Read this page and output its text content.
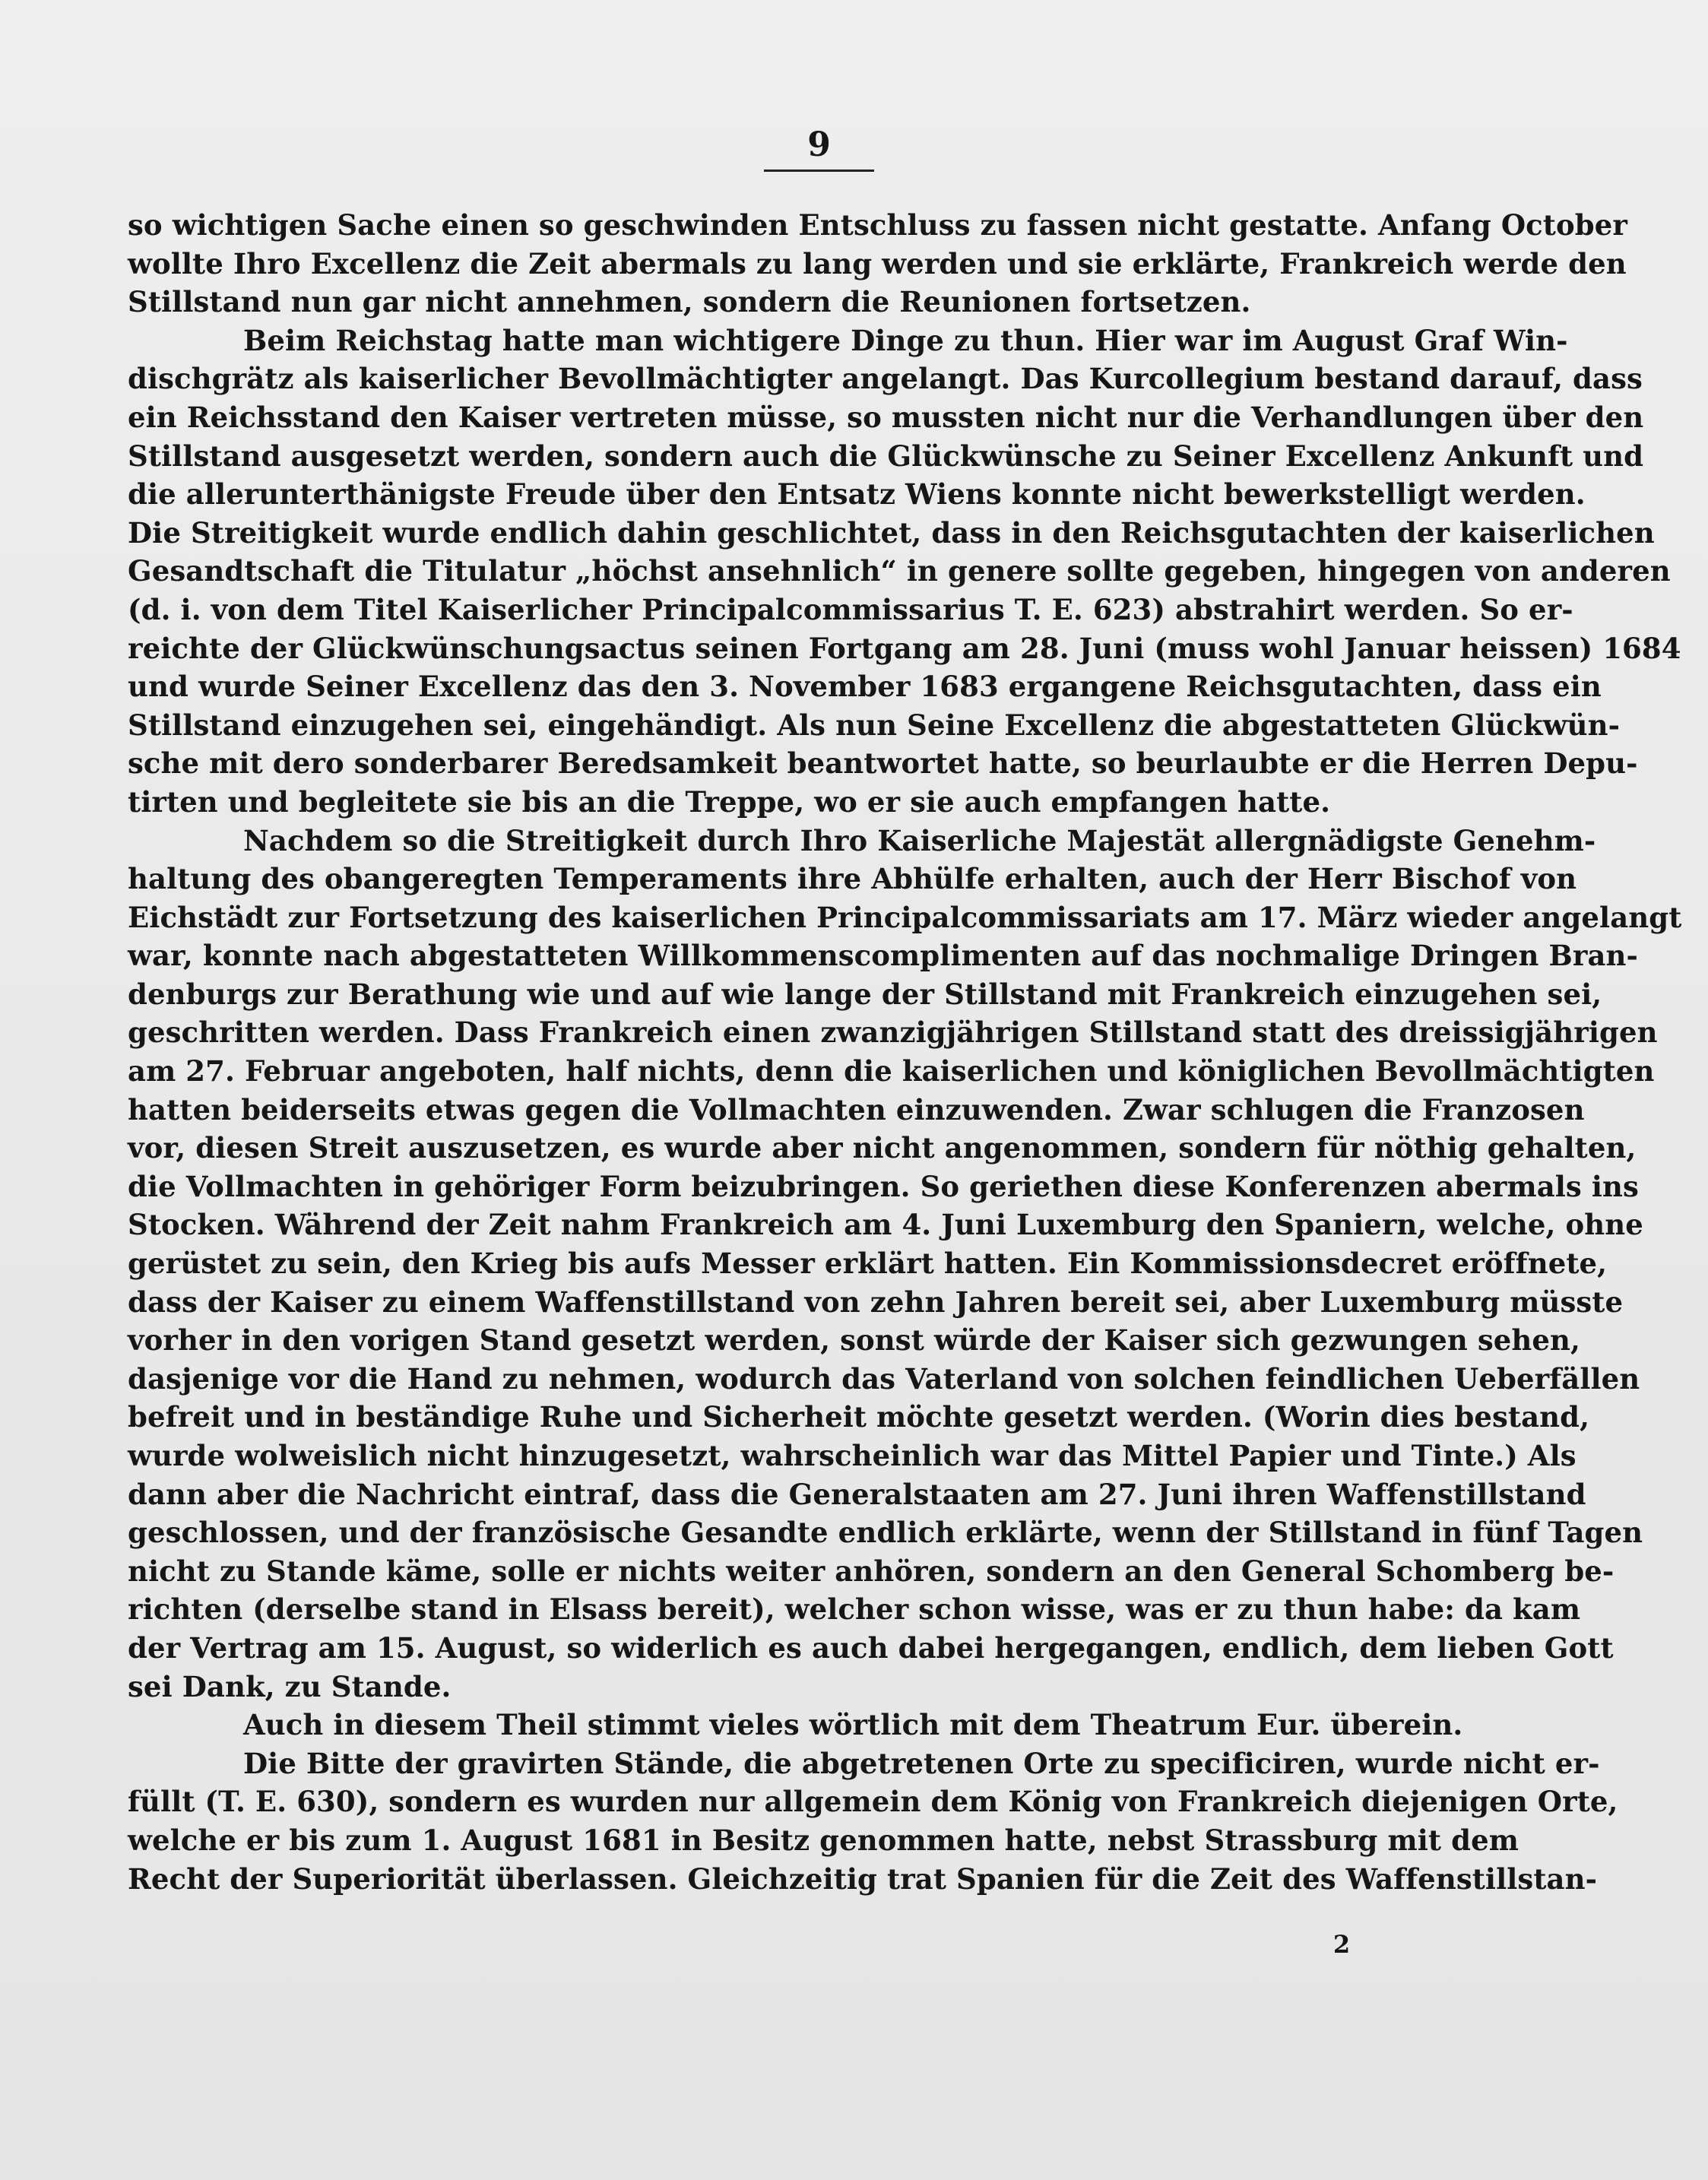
9
so wichtigen Sache einen so geschwinden Entschluss zu fassen nicht gestatte. Anfang October
wollte Ihro Excellenz die Zeit abermals zu lang werden und sie erklärte, Frankreich werde den
Stillstand nun gar nicht annehmen, sondern die Reunionen fortsetzen.
Beim Reichstag hatte man wichtigere Dinge zu thun. Hier war im August Graf Win-
dischgrätz als kaiserlicher Bevollmächtigter angelangt. Das Kurcollegium bestand darauf, dass
ein Reichsstand den Kaiser vertreten müsse, so mussten nicht nur die Verhandlungen über den
Stillstand ausgesetzt werden, sondern auch die Glückwünsche zu Seiner Excellenz Ankunft und
die allerunterthänigste Freude über den Entsatz Wiens konnte nicht bewerkstelligt werden.
Die Streitigkeit wurde endlich dahin geschlichtet, dass in den Reichsgutachten der kaiserlichen
Gesandtschaft die Titulatur „höchst ansehnlich“ in genere sollte gegeben, hingegen von anderen
(d. i. von dem Titel Kaiserlicher Principalcommissarius T. E. 623) abstrahirt werden. So er-
reichte der Glückwünschungsactus seinen Fortgang am 28. Juni (muss wohl Januar heissen) 1684
und wurde Seiner Excellenz das den 3. November 1683 ergangene Reichsgutachten, dass ein
Stillstand einzugehen sei, eingehändigt. Als nun Seine Excellenz die abgestatteten Glückwün-
sche mit dero sonderbarer Beredsamkeit beantwortet hatte, so beurlaubte er die Herren Depu-
tirten und begleitete sie bis an die Treppe, wo er sie auch empfangen hatte.
Nachdem so die Streitigkeit durch Ihro Kaiserliche Majestät allergnädigste Genehm-
haltung des obangeregten Temperaments ihre Abhülfe erhalten, auch der Herr Bischof von
Eichstädt zur Fortsetzung des kaiserlichen Principalcommissariats am 17. März wieder angelangt
war, konnte nach abgestatteten Willkommenscomplimenten auf das nochmalige Dringen Bran-
denburgs zur Berathung wie und auf wie lange der Stillstand mit Frankreich einzugehen sei,
geschritten werden. Dass Frankreich einen zwanzigjährigen Stillstand statt des dreissigjährigen
am 27. Februar angeboten, half nichts, denn die kaiserlichen und königlichen Bevollmächtigten
hatten beiderseits etwas gegen die Vollmachten einzuwenden. Zwar schlugen die Franzosen
vor, diesen Streit auszusetzen, es wurde aber nicht angenommen, sondern für nöthig gehalten,
die Vollmachten in gehöriger Form beizubringen. So geriethen diese Konferenzen abermals ins
Stocken. Während der Zeit nahm Frankreich am 4. Juni Luxemburg den Spaniern, welche, ohne
gerüstet zu sein, den Krieg bis aufs Messer erklärt hatten. Ein Kommissionsdecret eröffnete,
dass der Kaiser zu einem Waffenstillstand von zehn Jahren bereit sei, aber Luxemburg müsste
vorher in den vorigen Stand gesetzt werden, sonst würde der Kaiser sich gezwungen sehen,
dasjenige vor die Hand zu nehmen, wodurch das Vaterland von solchen feindlichen Ueberfällen
befreit und in beständige Ruhe und Sicherheit möchte gesetzt werden. (Worin dies bestand,
wurde wolweislich nicht hinzugesetzt, wahrscheinlich war das Mittel Papier und Tinte.) Als
dann aber die Nachricht eintraf, dass die Generalstaaten am 27. Juni ihren Waffenstillstand
geschlossen, und der französische Gesandte endlich erklärte, wenn der Stillstand in fünf Tagen
nicht zu Stande käme, solle er nichts weiter anhören, sondern an den General Schomberg be-
richten (derselbe stand in Elsass bereit), welcher schon wisse, was er zu thun habe: da kam
der Vertrag am 15. August, so widerlich es auch dabei hergegangen, endlich, dem lieben Gott
sei Dank, zu Stande.
Auch in diesem Theil stimmt vieles wörtlich mit dem Theatrum Eur. überein.
Die Bitte der gravirten Stände, die abgetretenen Orte zu specificiren, wurde nicht er-
füllt (T. E. 630), sondern es wurden nur allgemein dem König von Frankreich diejenigen Orte,
welche er bis zum 1. August 1681 in Besitz genommen hatte, nebst Strassburg mit dem
Recht der Superiorität überlassen. Gleichzeitig trat Spanien für die Zeit des Waffenstillstan-
2
